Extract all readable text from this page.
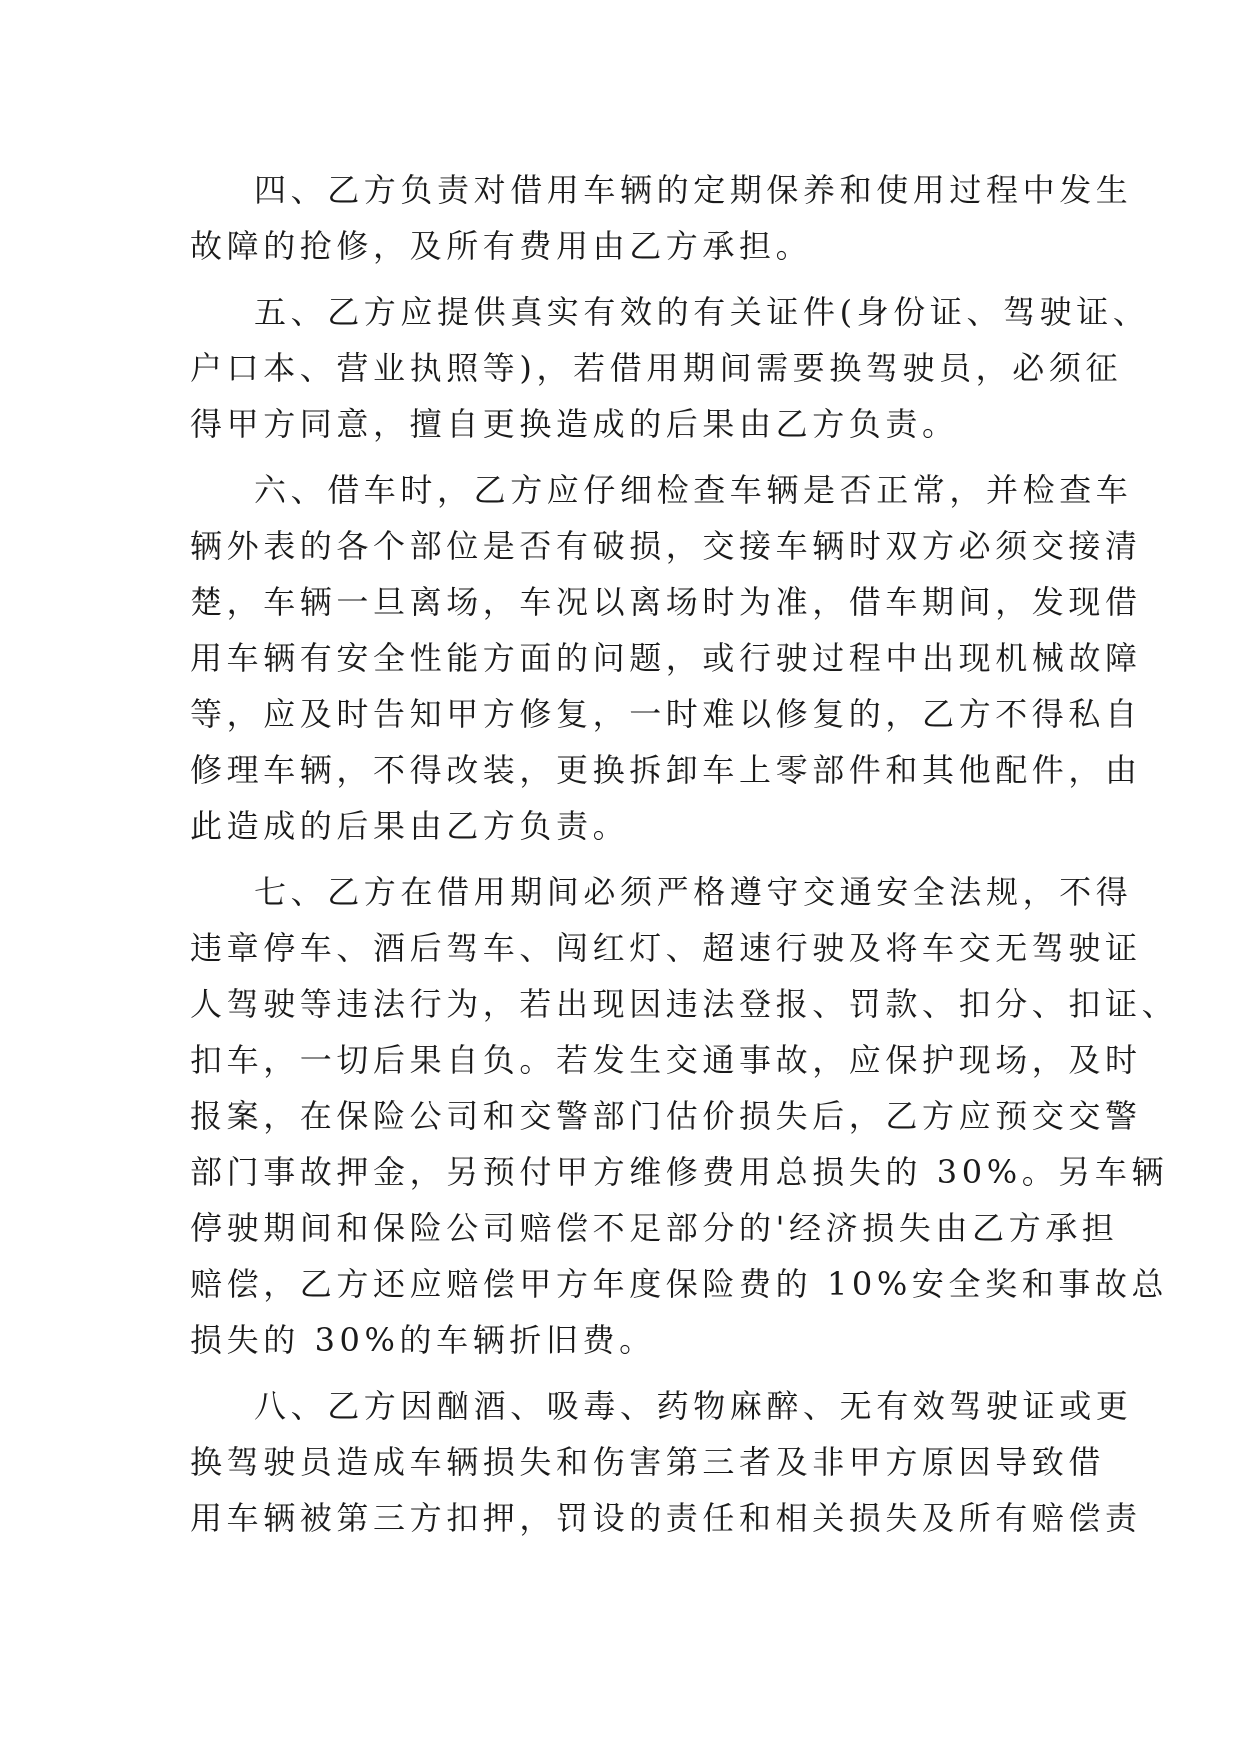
四、乙方负责对借用车辆的定期保养和使用过程中发生
故障的抢修，及所有费用由乙方承担。
五、乙方应提供真实有效的有关证件(身份证、驾驶证、
户口本、营业执照等)，若借用期间需要换驾驶员，必须征
得甲方同意，擅自更换造成的后果由乙方负责。
六、借车时，乙方应仔细检查车辆是否正常，并检查车
辆外表的各个部位是否有破损，交接车辆时双方必须交接清
楚，车辆一旦离场，车况以离场时为准，借车期间，发现借
用车辆有安全性能方面的问题，或行驶过程中出现机械故障
等，应及时告知甲方修复，一时难以修复的，乙方不得私自
修理车辆，不得改装，更换拆卸车上零部件和其他配件，由
此造成的后果由乙方负责。
七、乙方在借用期间必须严格遵守交通安全法规，不得
违章停车、酒后驾车、闯红灯、超速行驶及将车交无驾驶证
人驾驶等违法行为，若出现因违法登报、罚款、扣分、扣证、
扣车，一切后果自负。若发生交通事故，应保护现场，及时
报案，在保险公司和交警部门估价损失后，乙方应预交交警
部门事故押金，另预付甲方维修费用总损失的 30%。另车辆
停驶期间和保险公司赔偿不足部分的'经济损失由乙方承担
赔偿，乙方还应赔偿甲方年度保险费的 10%安全奖和事故总
损失的 30%的车辆折旧费。
八、乙方因酗酒、吸毒、药物麻醉、无有效驾驶证或更
换驾驶员造成车辆损失和伤害第三者及非甲方原因导致借
用车辆被第三方扣押，罚设的责任和相关损失及所有赔偿责
